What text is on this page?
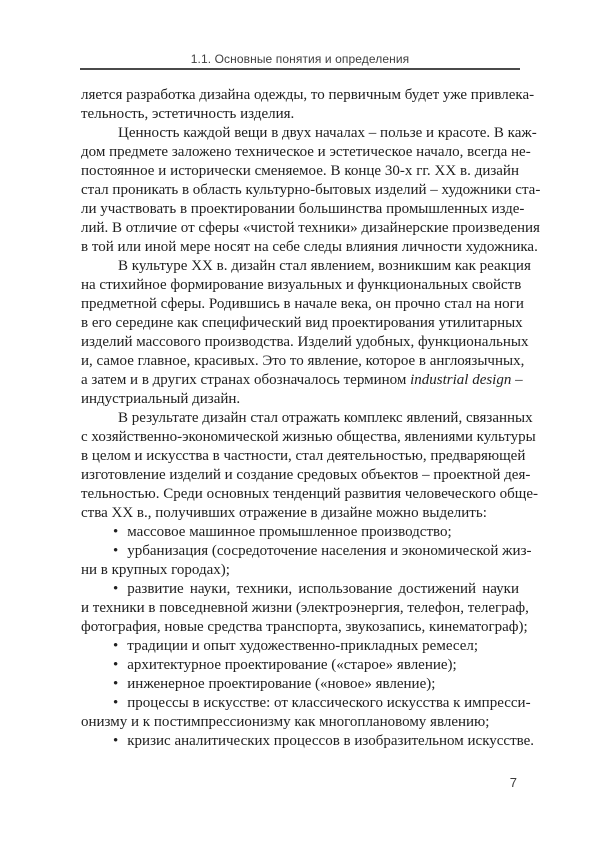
1.1. Основные понятия и определения
ляется разработка дизайна одежды, то первичным будет уже привлека-
тельность, эстетичность изделия.
Ценность каждой вещи в двух началах – пользе и красоте. В каж-
дом предмете заложено техническое и эстетическое начало, всегда не-
постоянное и исторически сменяемое. В конце 30-х гг. XX в. дизайн
стал проникать в область культурно-бытовых изделий – художники ста-
ли участвовать в проектировании большинства промышленных изде-
лий. В отличие от сферы «чистой техники» дизайнерские произведения
в той или иной мере носят на себе следы влияния личности художника.
В культуре XX в. дизайн стал явлением, возникшим как реакция
на стихийное формирование визуальных и функциональных свойств
предметной сферы. Родившись в начале века, он прочно стал на ноги
в его середине как специфический вид проектирования утилитарных
изделий массового производства. Изделий удобных, функциональных
и, самое главное, красивых. Это то явление, которое в англоязычных,
а затем и в других странах обозначалось термином industrial design –
индустриальный дизайн.
В результате дизайн стал отражать комплекс явлений, связанных
с хозяйственно-экономической жизнью общества, явлениями культуры
в целом и искусства в частности, стал деятельностью, предваряющей
изготовление изделий и создание средовых объектов – проектной дея-
тельностью. Среди основных тенденций развития человеческого обще-
ства XX в., получивших отражение в дизайне можно выделить:
• массовое машинное промышленное производство;
• урбанизация (сосредоточение населения и экономической жиз-
ни в крупных городах);
• развитие науки, техники, использование достижений науки
и техники в повседневной жизни (электроэнергия, телефон, телеграф,
фотография, новые средства транспорта, звукозапись, кинематограф);
• традиции и опыт художественно-прикладных ремесел;
• архитектурное проектирование («старое» явление);
• инженерное проектирование («новое» явление);
• процессы в искусстве: от классического искусства к импресси-
онизму и к постимпрессионизму как многоплановому явлению;
• кризис аналитических процессов в изобразительном искусстве.
7
